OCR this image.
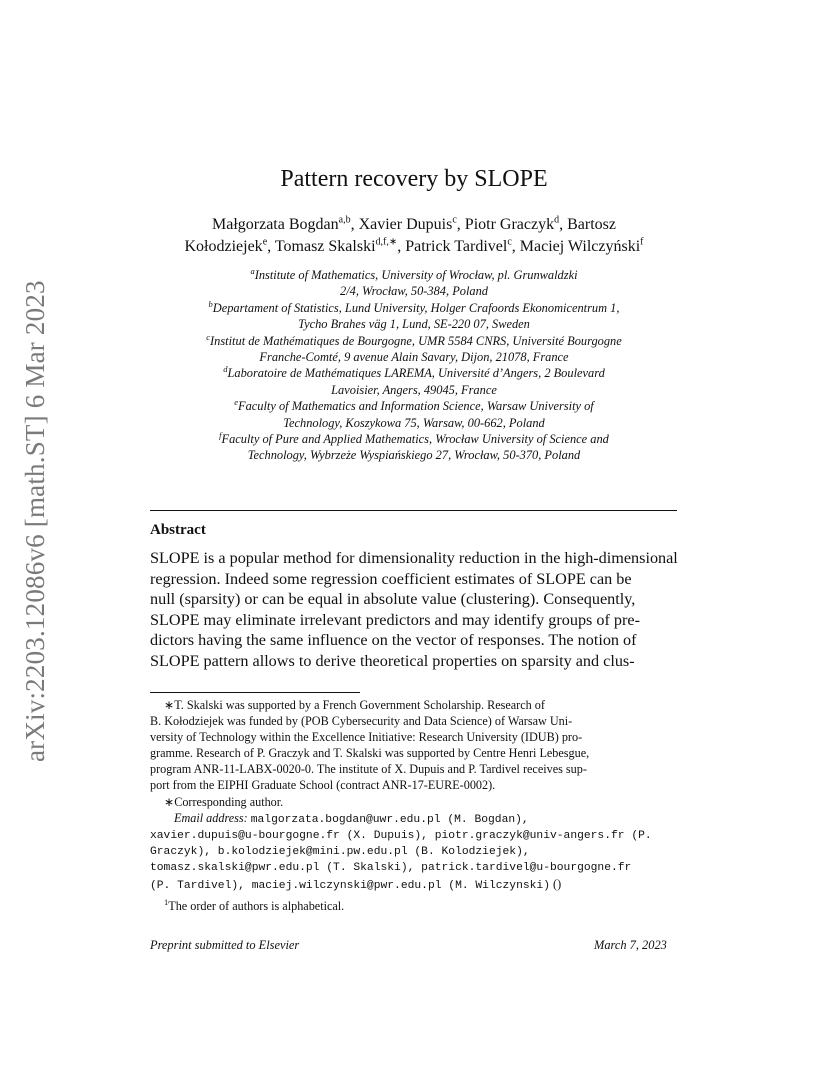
arXiv:2203.12086v6 [math.ST] 6 Mar 2023
Pattern recovery by SLOPE
Małgorzata Bogdan$^{a,b}$, Xavier Dupuis$^c$, Piotr Graczyk$^d$, Bartosz
Kołodziejek$^e$, Tomasz Skalski$^{d,f,∗}$, Patrick Tardivel$^c$, Maciej Wilczyński$^f$
$^a$Institute of Mathematics, University of Wrocław, pl. Grunwaldzki
2/4, Wrocław, 50-384, Poland
$^b$Departament of Statistics, Lund University, Holger Crafoords Ekonomicentrum 1,
Tycho Brahes väg 1, Lund, SE-220 07, Sweden
$^c$Institut de Mathématiques de Bourgogne, UMR 5584 CNRS, Université Bourgogne
Franche-Comté, 9 avenue Alain Savary, Dijon, 21078, France
$^d$Laboratoire de Mathématiques LAREMA, Université d’Angers, 2 Boulevard
Lavoisier, Angers, 49045, France
$^e$Faculty of Mathematics and Information Science, Warsaw University of
Technology, Koszykowa 75, Warsaw, 00-662, Poland
$^f$Faculty of Pure and Applied Mathematics, Wrocław University of Science and
Technology, Wybrzeże Wyspiańskiego 27, Wrocław, 50-370, Poland
Abstract
SLOPE is a popular method for dimensionality reduction in the high-dimensional
regression. Indeed some regression coefficient estimates of SLOPE can be
null (sparsity) or can be equal in absolute value (clustering). Consequently,
SLOPE may eliminate irrelevant predictors and may identify groups of pre-
dictors having the same influence on the vector of responses. The notion of
SLOPE pattern allows to derive theoretical properties on sparsity and clus-
∗T. Skalski was supported by a French Government Scholarship. Research of
B. Kołodziejek was funded by (POB Cybersecurity and Data Science) of Warsaw Uni-
versity of Technology within the Excellence Initiative: Research University (IDUB) pro-
gramme. Research of P. Graczyk and T. Skalski was supported by Centre Henri Lebesgue,
program ANR-11-LABX-0020-0. The institute of X. Dupuis and P. Tardivel receives sup-
port from the EIPHI Graduate School (contract ANR-17-EURE-0002).
∗Corresponding author.
Email address: malgorzata.bogdan@uwr.edu.pl (M. Bogdan),
xavier.dupuis@u-bourgogne.fr (X. Dupuis), piotr.graczyk@univ-angers.fr (P.
Graczyk), b.kolodziejek@mini.pw.edu.pl (B. Kolodziejek),
tomasz.skalski@pwr.edu.pl (T. Skalski), patrick.tardivel@u-bourgogne.fr
(P. Tardivel), maciej.wilczynski@pwr.edu.pl (M. Wilczynski) ()
$^1$The order of authors is alphabetical.
Preprint submitted to Elsevier	March 7, 2023
